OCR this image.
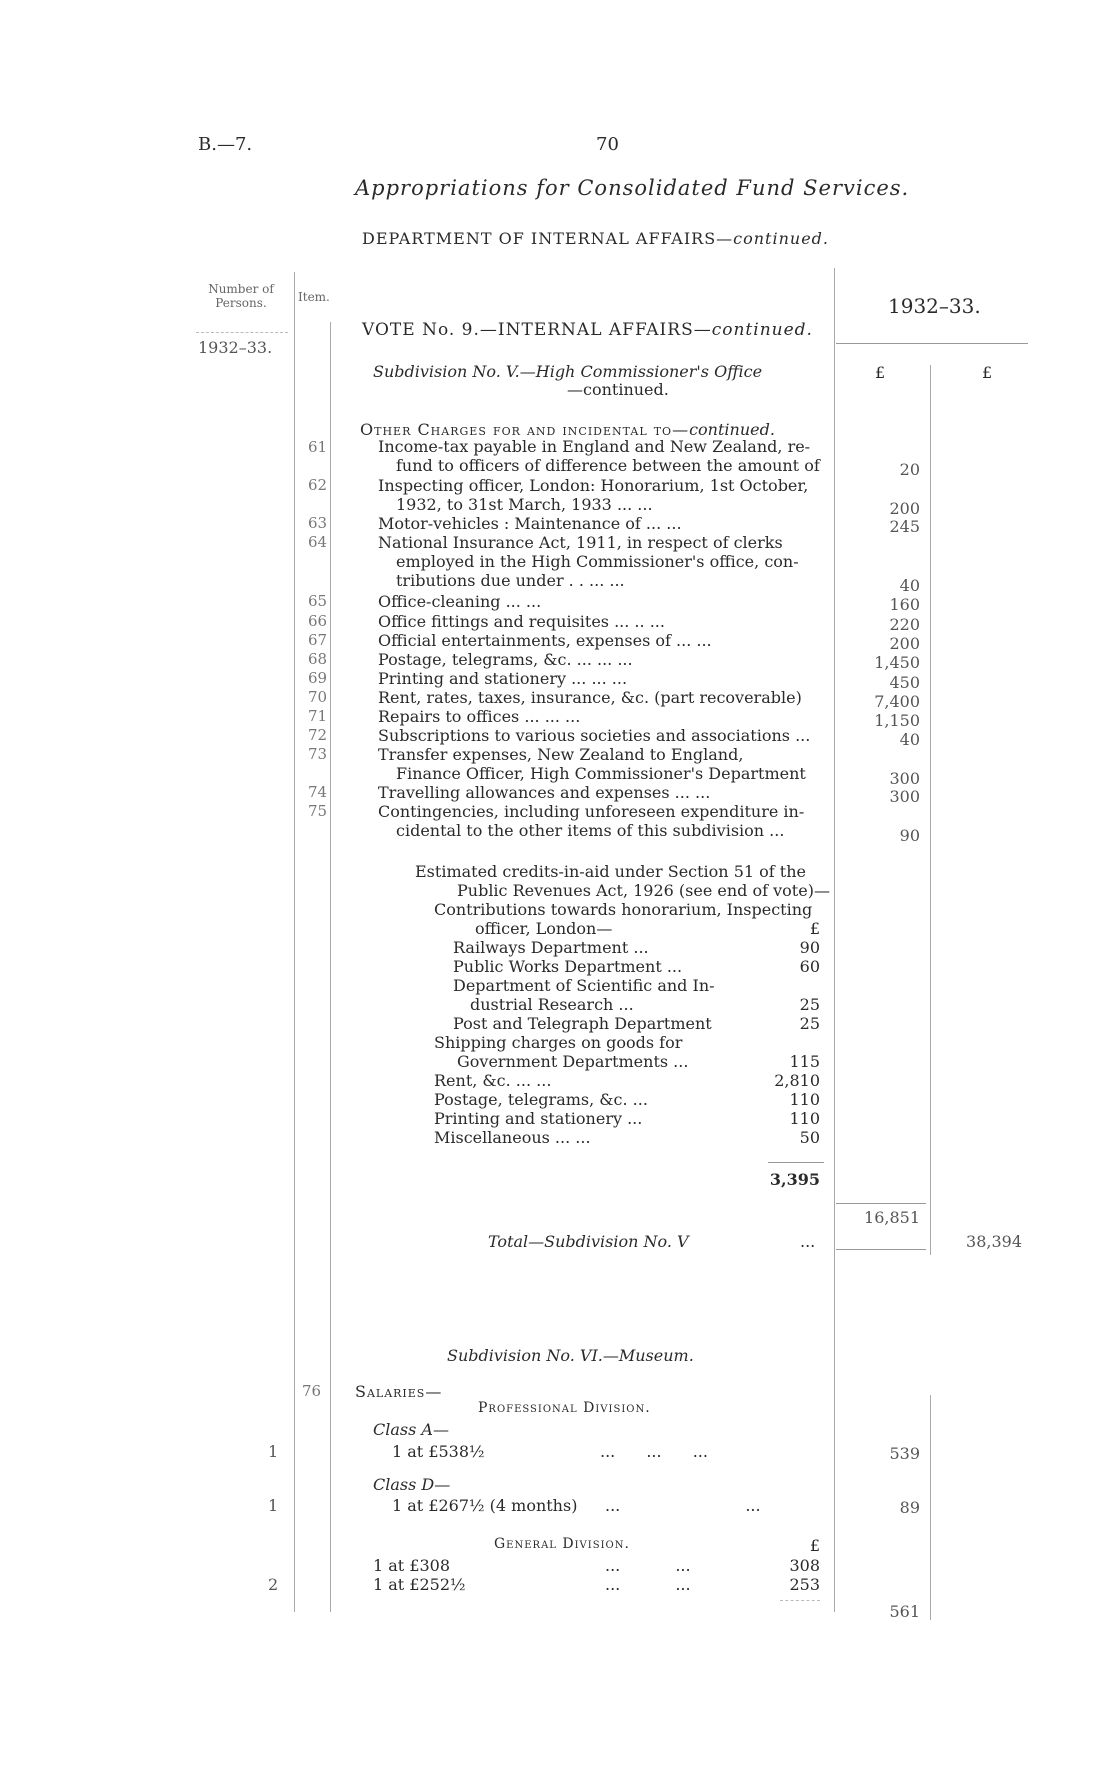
B.—7.	70
Appropriations for Consolidated Fund Services.
DEPARTMENT OF INTERNAL AFFAIRS—continued.
Number of Persons.	Item.
1932–33.
1932–33.
VOTE No. 9.—INTERNAL AFFAIRS—continued.
Subdivision No. V.—High Commissioner's Office
—continued.
£	£
Other Charges for and incidental to—continued.
61	Income-tax payable in England and New Zealand, re-
fund to officers of difference between the amount of	20
62	Inspecting officer, London: Honorarium, 1st October,
1932, to 31st March, 1933 ... ...	200
63	Motor-vehicles : Maintenance of ... ...	245
64	National Insurance Act, 1911, in respect of clerks
employed in the High Commissioner's office, con-
tributions due under . . ... ...	40
65	Office-cleaning ... ...	160
66	Office fittings and requisites ... .. ...	220
67	Official entertainments, expenses of ... ...	200
68	Postage, telegrams, &c. ... ... ...	1,450
69	Printing and stationery ... ... ...	450
70	Rent, rates, taxes, insurance, &c. (part recoverable)	7,400
71	Repairs to offices ... ... ...	1,150
72	Subscriptions to various societies and associations ...	40
73	Transfer expenses, New Zealand to England,
Finance Officer, High Commissioner's Department	300
74	Travelling allowances and expenses ... ...	300
75	Contingencies, including unforeseen expenditure in-
cidental to the other items of this subdivision ...	90
Estimated credits-in-aid under Section 51 of the
Public Revenues Act, 1926 (see end of vote)—
Contributions towards honorarium, Inspecting
officer, London—	£
Railways Department ...	90
Public Works Department ...	60
Department of Scientific and In-
dustrial Research ...	25
Post and Telegraph Department	25
Shipping charges on goods for
Government Departments ...	115
Rent, &c. ... ...	2,810
Postage, telegrams, &c. ...	110
Printing and stationery ...	110
Miscellaneous ... ...	50
3,395
16,851
Total—Subdivision No. V	...	38,394
Subdivision No. VI.—Museum.
76 Salaries—
Professional Division.
Class A—
1	1 at £538½	... ... ...	539
Class D—
1	1 at £267½ (4 months) ... ...	89
General Division.	£
1 at £308	... ...	308
2	1 at £252½	... ...	253
561
